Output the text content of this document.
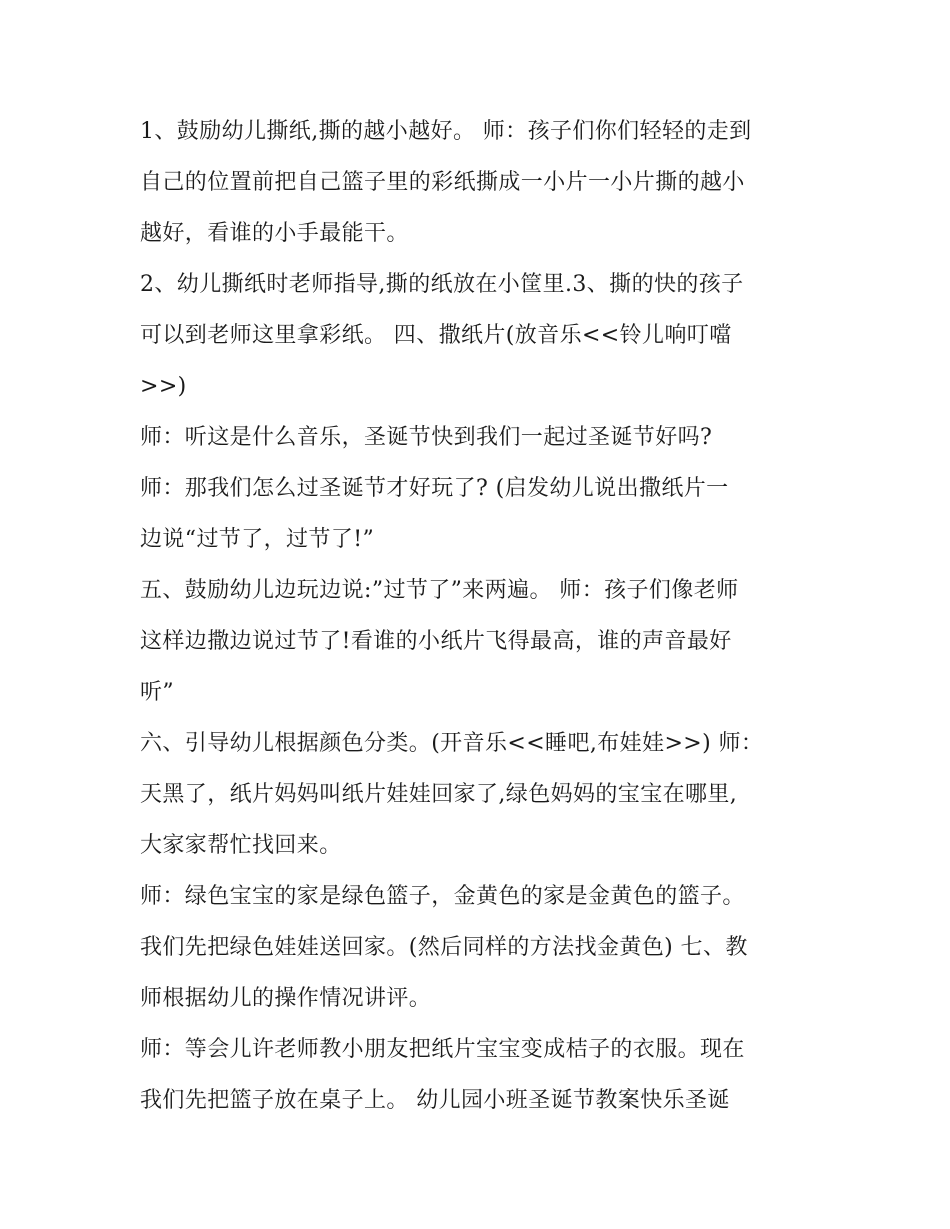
1、鼓励幼儿撕纸,撕的越小越好。 师：孩子们你们轻轻的走到
自己的位置前把自己篮子里的彩纸撕成一小片一小片撕的越小
越好，看谁的小手最能干。
2、幼儿撕纸时老师指导,撕的纸放在小筐里.3、撕的快的孩子
可以到老师这里拿彩纸。 四、撒纸片(放音乐<<铃儿响叮噹
>>)
师：听这是什么音乐，圣诞节快到我们一起过圣诞节好吗?
师：那我们怎么过圣诞节才好玩了? (启发幼儿说出撒纸片一
边说“过节了，过节了!”
五、鼓励幼儿边玩边说:”过节了”来两遍。 师：孩子们像老师
这样边撒边说过节了!看谁的小纸片飞得最高，谁的声音最好
听”
六、引导幼儿根据颜色分类。(开音乐<<睡吧,布娃娃>>) 师：
天黑了，纸片妈妈叫纸片娃娃回家了,绿色妈妈的宝宝在哪里,
大家家帮忙找回来。
师：绿色宝宝的家是绿色篮子，金黄色的家是金黄色的篮子。
我们先把绿色娃娃送回家。(然后同样的方法找金黄色) 七、教
师根据幼儿的操作情况讲评。
师：等会儿许老师教小朋友把纸片宝宝变成桔子的衣服。现在
我们先把篮子放在桌子上。 幼儿园小班圣诞节教案快乐圣诞
